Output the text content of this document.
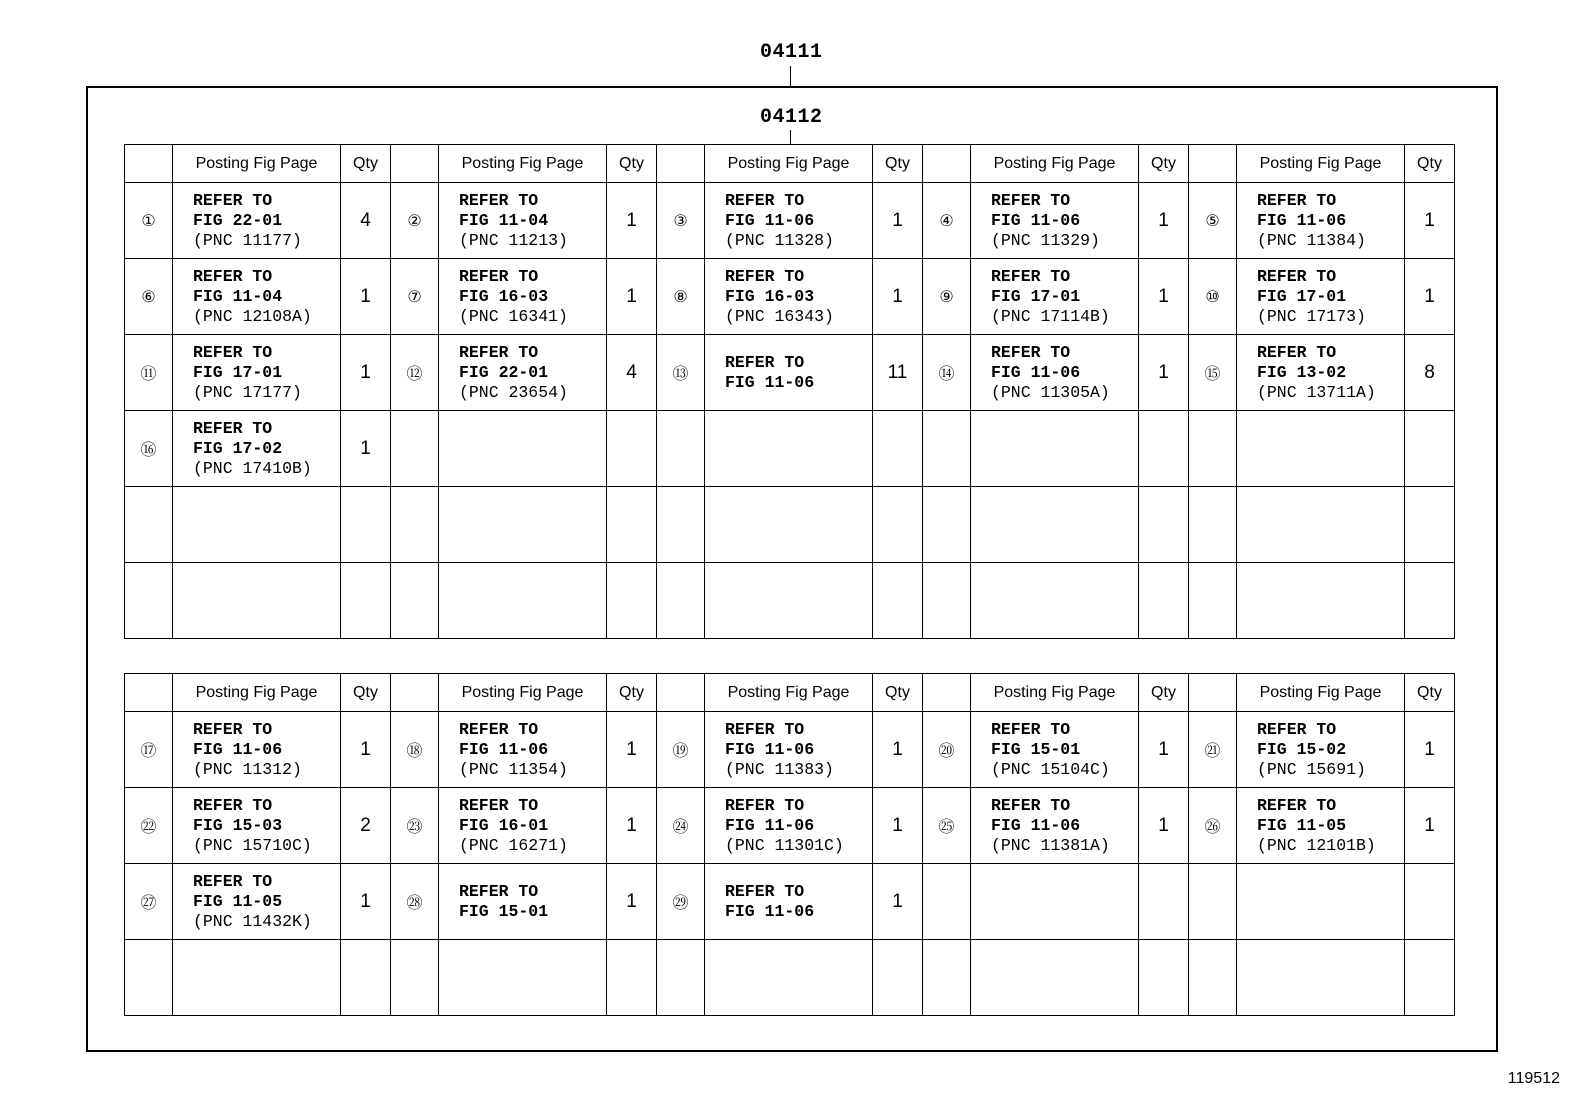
04111
04112
	Posting Fig Page	Qty		Posting Fig Page	Qty		Posting Fig Page	Qty		Posting Fig Page	Qty		Posting Fig Page	Qty
①	REFER TO
FIG 22-01
(PNC 11177)	4	②	REFER TO
FIG 11-04
(PNC 11213)	1	③	REFER TO
FIG 11-06
(PNC 11328)	1	④	REFER TO
FIG 11-06
(PNC 11329)	1	⑤	REFER TO
FIG 11-06
(PNC 11384)	1
⑥	REFER TO
FIG 11-04
(PNC 12108A)	1	⑦	REFER TO
FIG 16-03
(PNC 16341)	1	⑧	REFER TO
FIG 16-03
(PNC 16343)	1	⑨	REFER TO
FIG 17-01
(PNC 17114B)	1	⑩	REFER TO
FIG 17-01
(PNC 17173)	1
⑪	REFER TO
FIG 17-01
(PNC 17177)	1	⑫	REFER TO
FIG 22-01
(PNC 23654)	4	⑬	REFER TO
FIG 11-06	11	⑭	REFER TO
FIG 11-06
(PNC 11305A)	1	⑮	REFER TO
FIG 13-02
(PNC 13711A)	8
⑯	REFER TO
FIG 17-02
(PNC 17410B)	1												

	Posting Fig Page	Qty		Posting Fig Page	Qty		Posting Fig Page	Qty		Posting Fig Page	Qty		Posting Fig Page	Qty
⑰	REFER TO
FIG 11-06
(PNC 11312)	1	⑱	REFER TO
FIG 11-06
(PNC 11354)	1	⑲	REFER TO
FIG 11-06
(PNC 11383)	1	⑳	REFER TO
FIG 15-01
(PNC 15104C)	1	㉑	REFER TO
FIG 15-02
(PNC 15691)	1
㉒	REFER TO
FIG 15-03
(PNC 15710C)	2	㉓	REFER TO
FIG 16-01
(PNC 16271)	1	㉔	REFER TO
FIG 11-06
(PNC 11301C)	1	㉕	REFER TO
FIG 11-06
(PNC 11381A)	1	㉖	REFER TO
FIG 11-05
(PNC 12101B)	1
㉗	REFER TO
FIG 11-05
(PNC 11432K)	1	㉘	REFER TO
FIG 15-01	1	㉙	REFER TO
FIG 11-06	1						

119512
